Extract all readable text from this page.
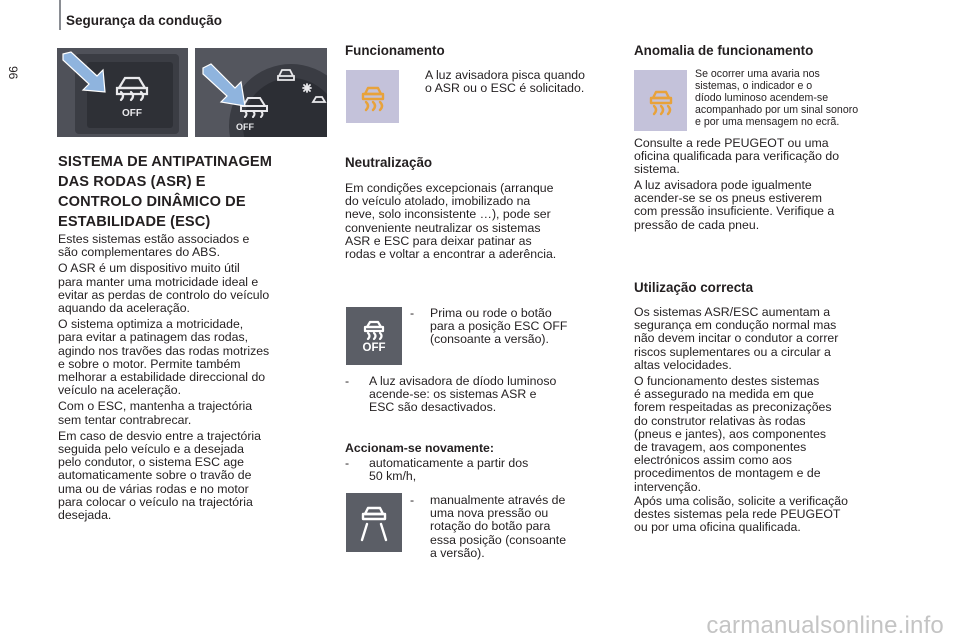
Segurança da condução
96
OFF
OFF
SISTEMA DE ANTIPATINAGEM
DAS RODAS (ASR) E
CONTROLO DINÂMICO DE
ESTABILIDADE (ESC)

Estes sistemas estão associados e
são complementares do ABS.

O ASR é um dispositivo muito útil
para manter uma motricidade ideal e
evitar as perdas de controlo do veículo
aquando da aceleração.

O sistema optimiza a motricidade,
para evitar a patinagem das rodas,
agindo nos travões das rodas motrizes
e sobre o motor. Permite também
melhorar a estabilidade direccional do
veículo na aceleração.

Com o ESC, mantenha a trajectória
sem tentar contrabrecar.

Em caso de desvio entre a trajectória
seguida pelo veículo e a desejada
pelo condutor, o sistema ESC age
automaticamente sobre o travão de
uma ou de várias rodas e no motor
para colocar o veículo na trajectória
desejada.

Funcionamento

A luz avisadora pisca quando
o ASR ou o ESC é solicitado.

Neutralização

Em condições excepcionais (arranque
do veículo atolado, imobilizado na
neve, solo inconsistente …), pode ser
conveniente neutralizar os sistemas
ASR e ESC para deixar patinar as
rodas e voltar a encontrar a aderência.

OFF
-	Prima ou rode o botão
para a posição ESC OFF
(consoante a versão).
-	A luz avisadora de díodo luminoso
acende-se: os sistemas ASR e
ESC são desactivados.
Accionam-se novamente:
-	automaticamente a partir dos
50 km/h,
-	manualmente através de
uma nova pressão ou
rotação do botão para
essa posição (consoante
a versão).
Anomalia de funcionamento

Se ocorrer uma avaria nos
sistemas, o indicador e o
díodo luminoso acendem-se
acompanhado por um sinal sonoro
e por uma mensagem no ecrã.

Consulte a rede PEUGEOT ou uma
oficina qualificada para verificação do
sistema.

A luz avisadora pode igualmente
acender-se se os pneus estiverem
com pressão insuficiente. Verifique a
pressão de cada pneu.

Utilização correcta

Os sistemas ASR/ESC aumentam a
segurança em condução normal mas
não devem incitar o condutor a correr
riscos suplementares ou a circular a
altas velocidades.

O funcionamento destes sistemas
é assegurado na medida em que
forem respeitadas as preconizações
do construtor relativas às rodas
(pneus e jantes), aos componentes
de travagem, aos componentes
electrónicos assim como aos
procedimentos de montagem e de
intervenção.

Após uma colisão, solicite a verificação
destes sistemas pela rede PEUGEOT
ou por uma oficina qualificada.

carmanualsonline.info
